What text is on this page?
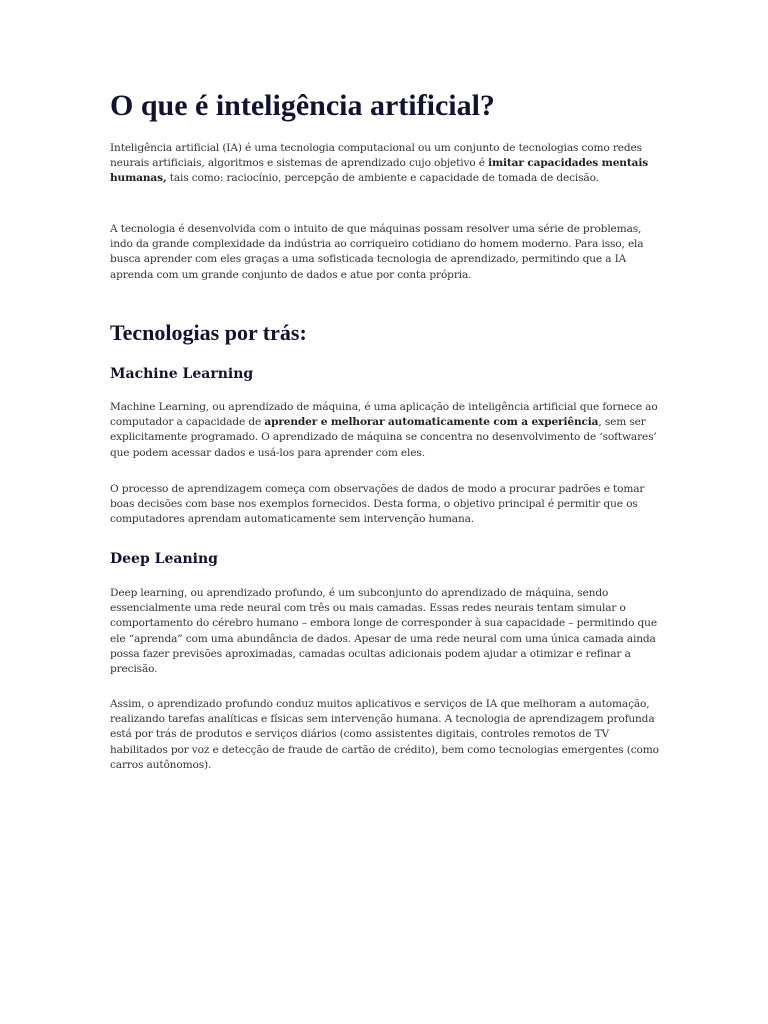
O que é inteligência artificial?

Inteligência artificial (IA) é uma tecnologia computacional ou um conjunto de tecnologias como redes neurais artificiais, algoritmos e sistemas de aprendizado cujo objetivo é imitar capacidades mentais humanas, tais como: raciocínio, percepção de ambiente e capacidade de tomada de decisão.

A tecnologia é desenvolvida com o intuito de que máquinas possam resolver uma série de problemas, indo da grande complexidade da indústria ao corriqueiro cotidiano do homem moderno. Para isso, ela busca aprender com eles graças a uma sofisticada tecnologia de aprendizado, permitindo que a IA aprenda com um grande conjunto de dados e atue por conta própria.

Tecnologias por trás:
Machine Learning

Machine Learning, ou aprendizado de máquina, é uma aplicação de inteligência artificial que fornece ao computador a capacidade de aprender e melhorar automaticamente com a experiência, sem ser explicitamente programado. O aprendizado de máquina se concentra no desenvolvimento de ‘softwares’ que podem acessar dados e usá-los para aprender com eles.

O processo de aprendizagem começa com observações de dados de modo a procurar padrões e tomar boas decisões com base nos exemplos fornecidos. Desta forma, o objetivo principal é permitir que os computadores aprendam automaticamente sem intervenção humana.

Deep Leaning

Deep learning, ou aprendizado profundo, é um subconjunto do aprendizado de máquina, sendo essencialmente uma rede neural com três ou mais camadas. Essas redes neurais tentam simular o comportamento do cérebro humano – embora longe de corresponder à sua capacidade – permitindo que ele “aprenda” com uma abundância de dados. Apesar de uma rede neural com uma única camada ainda possa fazer previsões aproximadas, camadas ocultas adicionais podem ajudar a otimizar e refinar a precisão.

Assim, o aprendizado profundo conduz muitos aplicativos e serviços de IA que melhoram a automação, realizando tarefas analíticas e físicas sem intervenção humana. A tecnologia de aprendizagem profunda está por trás de produtos e serviços diários (como assistentes digitais, controles remotos de TV habilitados por voz e detecção de fraude de cartão de crédito), bem como tecnologias emergentes (como carros autônomos).
